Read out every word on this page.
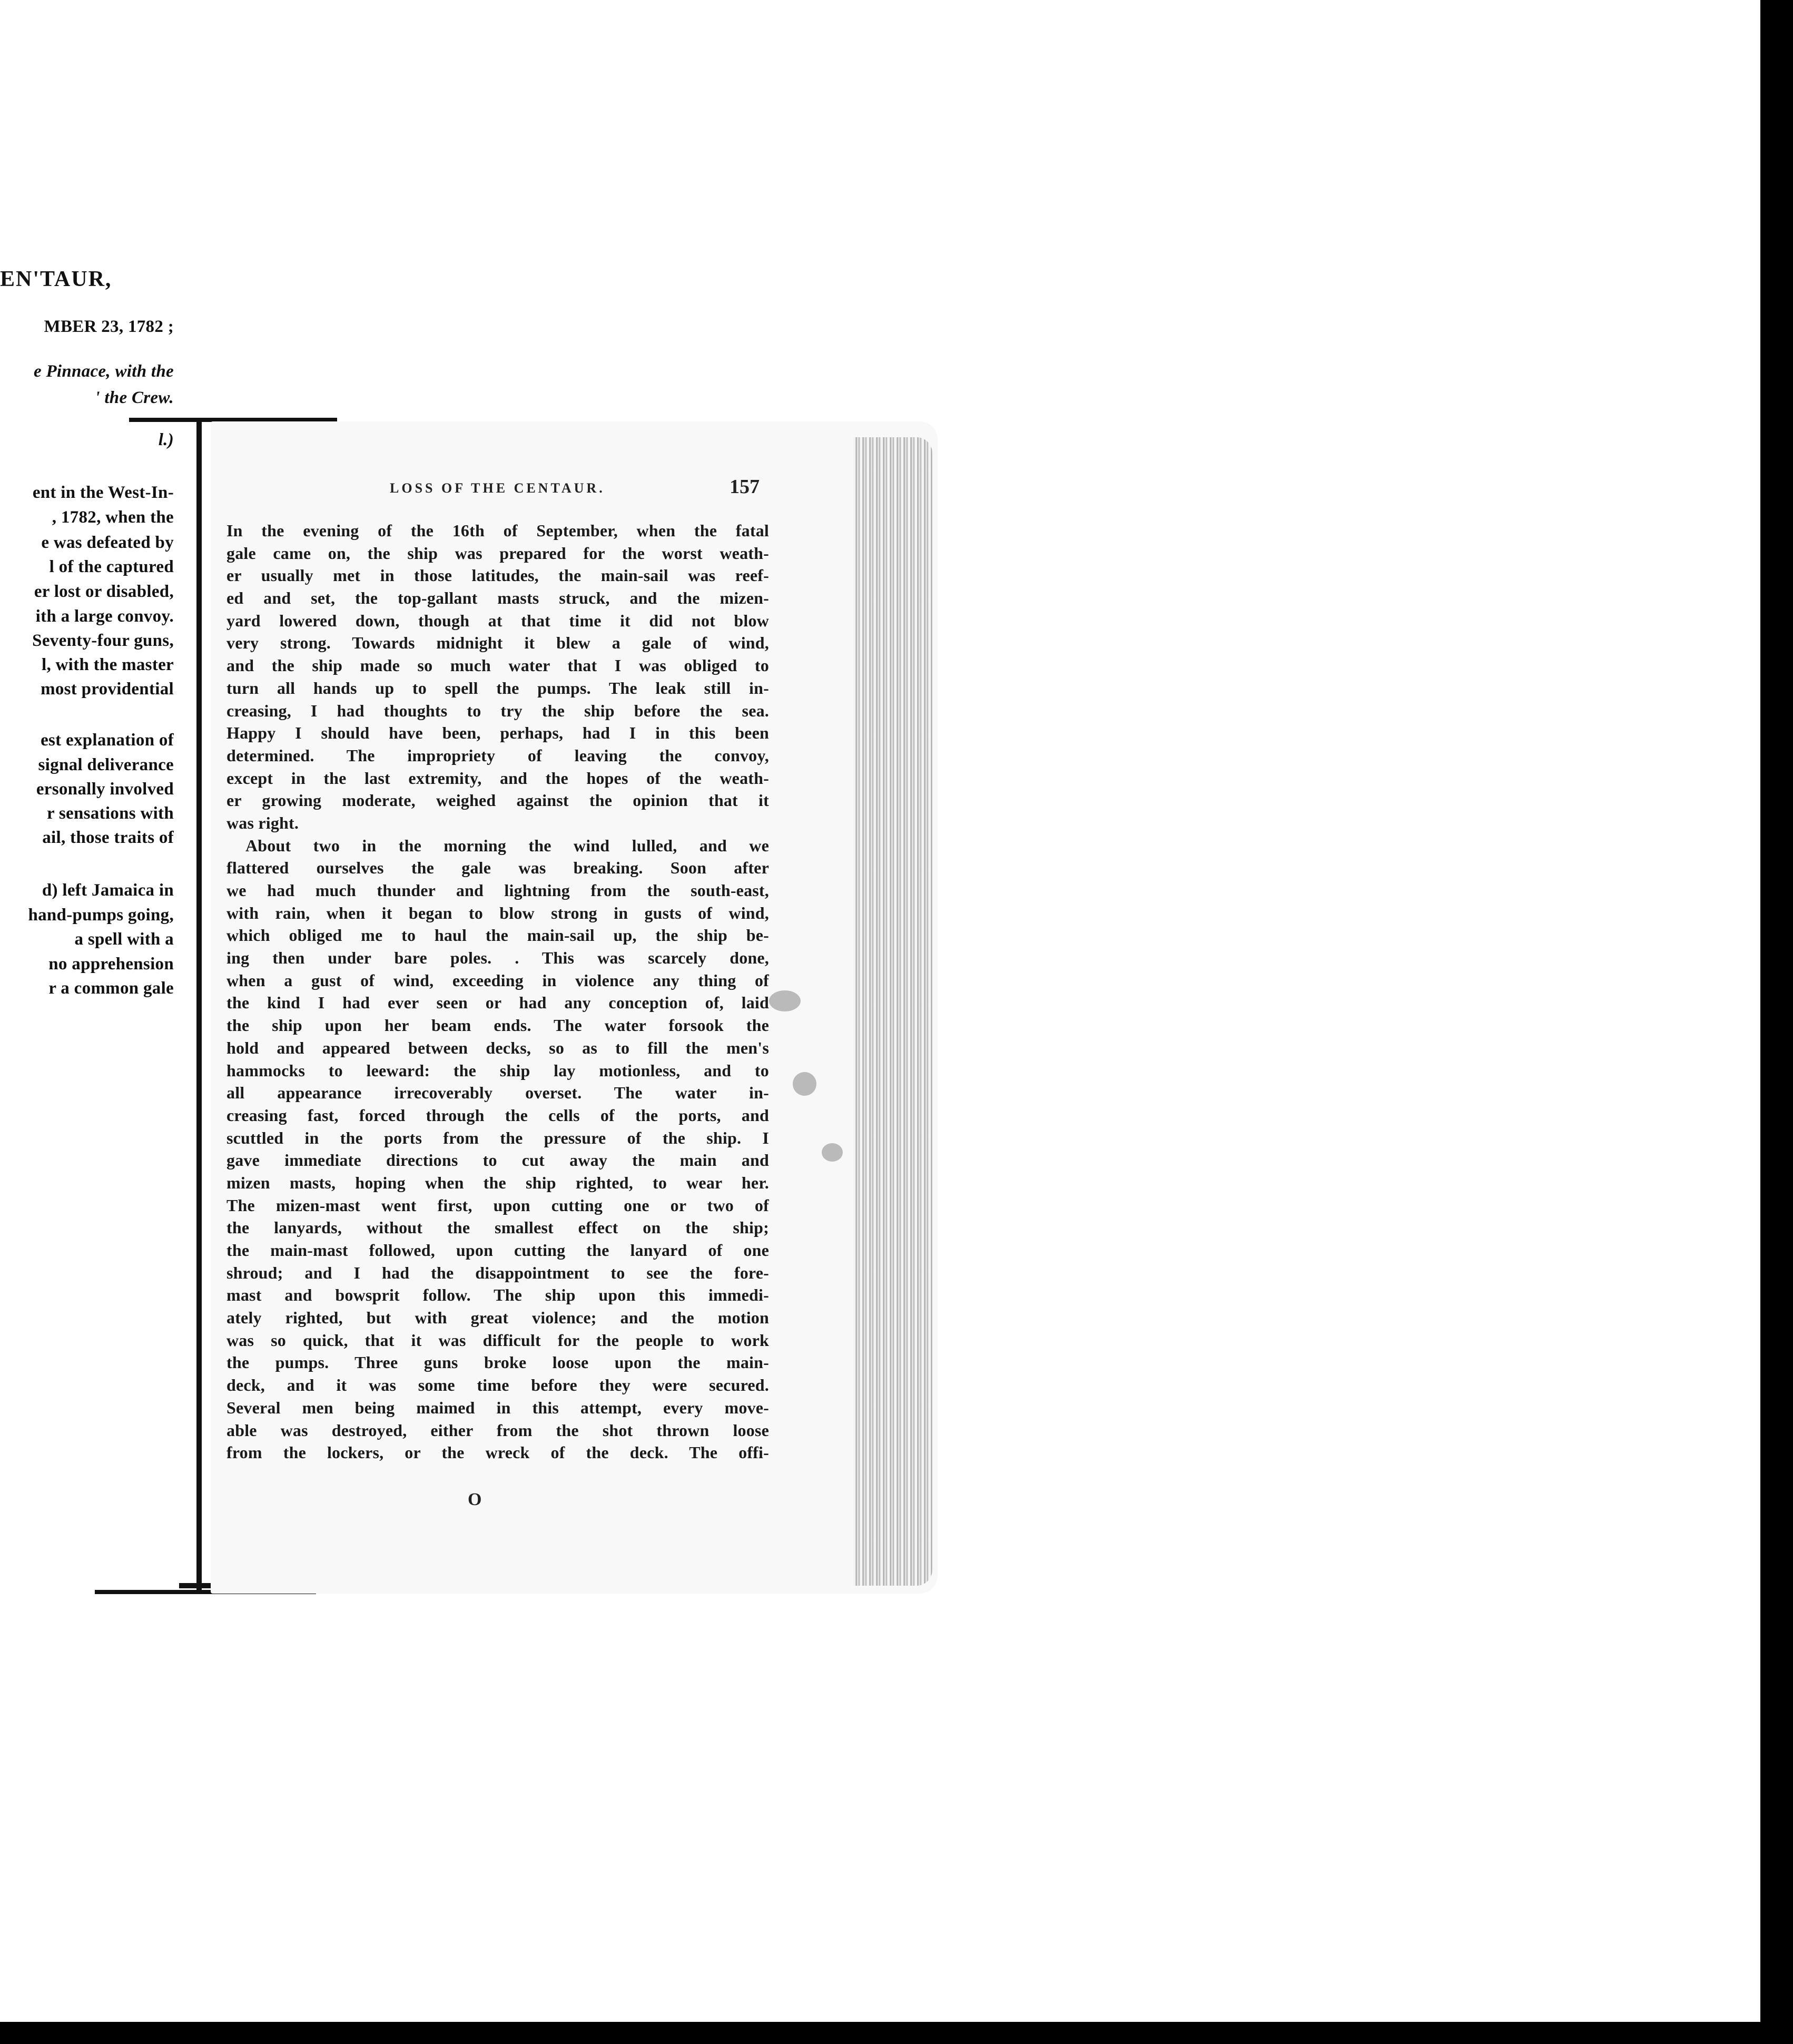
EN'TAUR,
MBER 23, 1782 ;
e Pinnace, with the
' the Crew.
l.)
ent in the West-In-
, 1782, when the
e was defeated by
l of the captured
er lost or disabled,
ith a large convoy.
Seventy-four guns,
l, with the master
most providential
est explanation of
signal deliverance
ersonally involved
r sensations with
ail, those traits of
d) left Jamaica in
hand-pumps going,
a spell with a
no apprehension
r a common gale
LOSS OF THE CENTAUR.	157
In the evening of the 16th of September, when the fatal
gale came on, the ship was prepared for the worst weath-
er usually met in those latitudes, the main-sail was reef-
ed and set, the top-gallant masts struck, and the mizen-
yard lowered down, though at that time it did not blow
very strong. Towards midnight it blew a gale of wind,
and the ship made so much water that I was obliged to
turn all hands up to spell the pumps. The leak still in-
creasing, I had thoughts to try the ship before the sea.
Happy I should have been, perhaps, had I in this been
determined. The impropriety of leaving the convoy,
except in the last extremity, and the hopes of the weath-
er growing moderate, weighed against the opinion that it
was right.
About two in the morning the wind lulled, and we
flattered ourselves the gale was breaking. Soon after
we had much thunder and lightning from the south-east,
with rain, when it began to blow strong in gusts of wind,
which obliged me to haul the main-sail up, the ship be-
ing then under bare poles. . This was scarcely done,
when a gust of wind, exceeding in violence any thing of
the kind I had ever seen or had any conception of, laid
the ship upon her beam ends. The water forsook the
hold and appeared between decks, so as to fill the men's
hammocks to leeward: the ship lay motionless, and to
all appearance irrecoverably overset. The water in-
creasing fast, forced through the cells of the ports, and
scuttled in the ports from the pressure of the ship. I
gave immediate directions to cut away the main and
mizen masts, hoping when the ship righted, to wear her.
The mizen-mast went first, upon cutting one or two of
the lanyards, without the smallest effect on the ship;
the main-mast followed, upon cutting the lanyard of one
shroud; and I had the disappointment to see the fore-
mast and bowsprit follow. The ship upon this immedi-
ately righted, but with great violence; and the motion
was so quick, that it was difficult for the people to work
the pumps. Three guns broke loose upon the main-
deck, and it was some time before they were secured.
Several men being maimed in this attempt, every move-
able was destroyed, either from the shot thrown loose
from the lockers, or the wreck of the deck. The offi-
O
